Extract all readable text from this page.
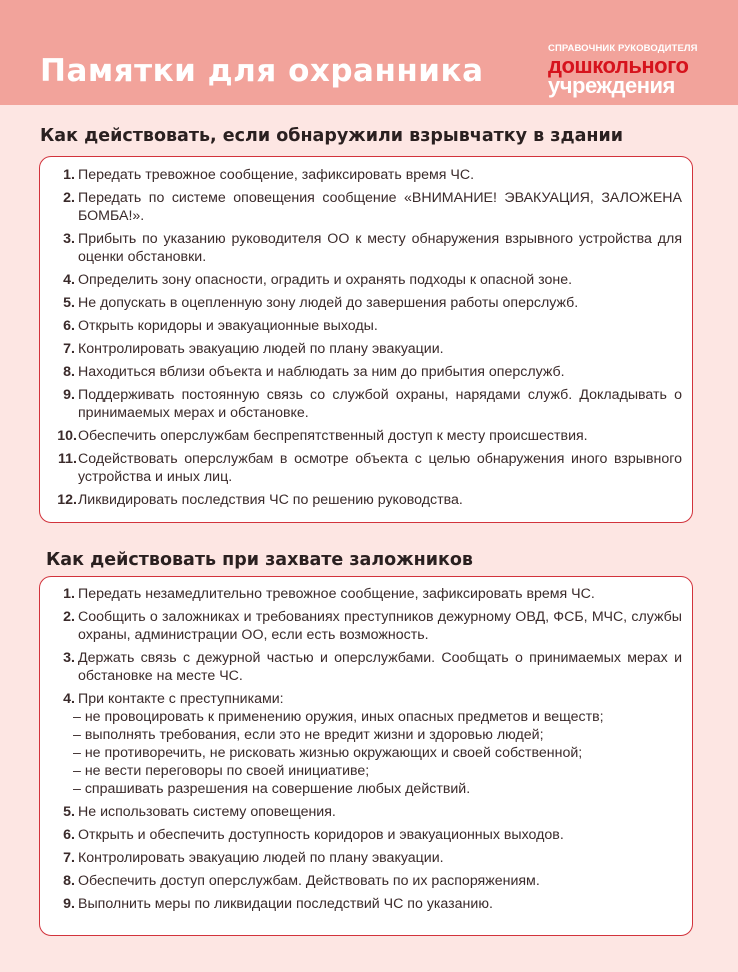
Памятки для охранника
СПРАВОЧНИК РУКОВОДИТЕЛЯ
дошкольного
учреждения
Как действовать, если обнаружили взрывчатку в здании
1. Передать тревожное сообщение, зафиксировать время ЧС.
2. Передать по системе оповещения сообщение «ВНИМАНИЕ! ЭВАКУАЦИЯ, ЗАЛОЖЕНА БОМБА!».
3. Прибыть по указанию руководителя ОО к месту обнаружения взрывного устройства для оценки обстановки.
4. Определить зону опасности, оградить и охранять подходы к опасной зоне.
5. Не допускать в оцепленную зону людей до завершения работы оперслужб.
6. Открыть коридоры и эвакуационные выходы.
7. Контролировать эвакуацию людей по плану эвакуации.
8. Находиться вблизи объекта и наблюдать за ним до прибытия оперслужб.
9. Поддерживать постоянную связь со службой охраны, нарядами служб. Докладывать о принимаемых мерах и обстановке.
10. Обеспечить оперслужбам беспрепятственный доступ к месту происшествия.
11. Содействовать оперслужбам в осмотре объекта с целью обнаружения иного взрывного устройства и иных лиц.
12. Ликвидировать последствия ЧС по решению руководства.
Как действовать при захвате заложников
1. Передать незамедлительно тревожное сообщение, зафиксировать время ЧС.
2. Сообщить о заложниках и требованиях преступников дежурному ОВД, ФСБ, МЧС, службы охраны, администрации ОО, если есть возможность.
3. Держать связь с дежурной частью и оперслужбами. Сообщать о принимаемых мерах и обстановке на месте ЧС.
4. При контакте с преступниками:
– не провоцировать к применению оружия, иных опасных предметов и веществ;
– выполнять требования, если это не вредит жизни и здоровью людей;
– не противоречить, не рисковать жизнью окружающих и своей собственной;
– не вести переговоры по своей инициативе;
– спрашивать разрешения на совершение любых действий.
5. Не использовать систему оповещения.
6. Открыть и обеспечить доступность коридоров и эвакуационных выходов.
7. Контролировать эвакуацию людей по плану эвакуации.
8. Обеспечить доступ оперслужбам. Действовать по их распоряжениям.
9. Выполнить меры по ликвидации последствий ЧС по указанию.
